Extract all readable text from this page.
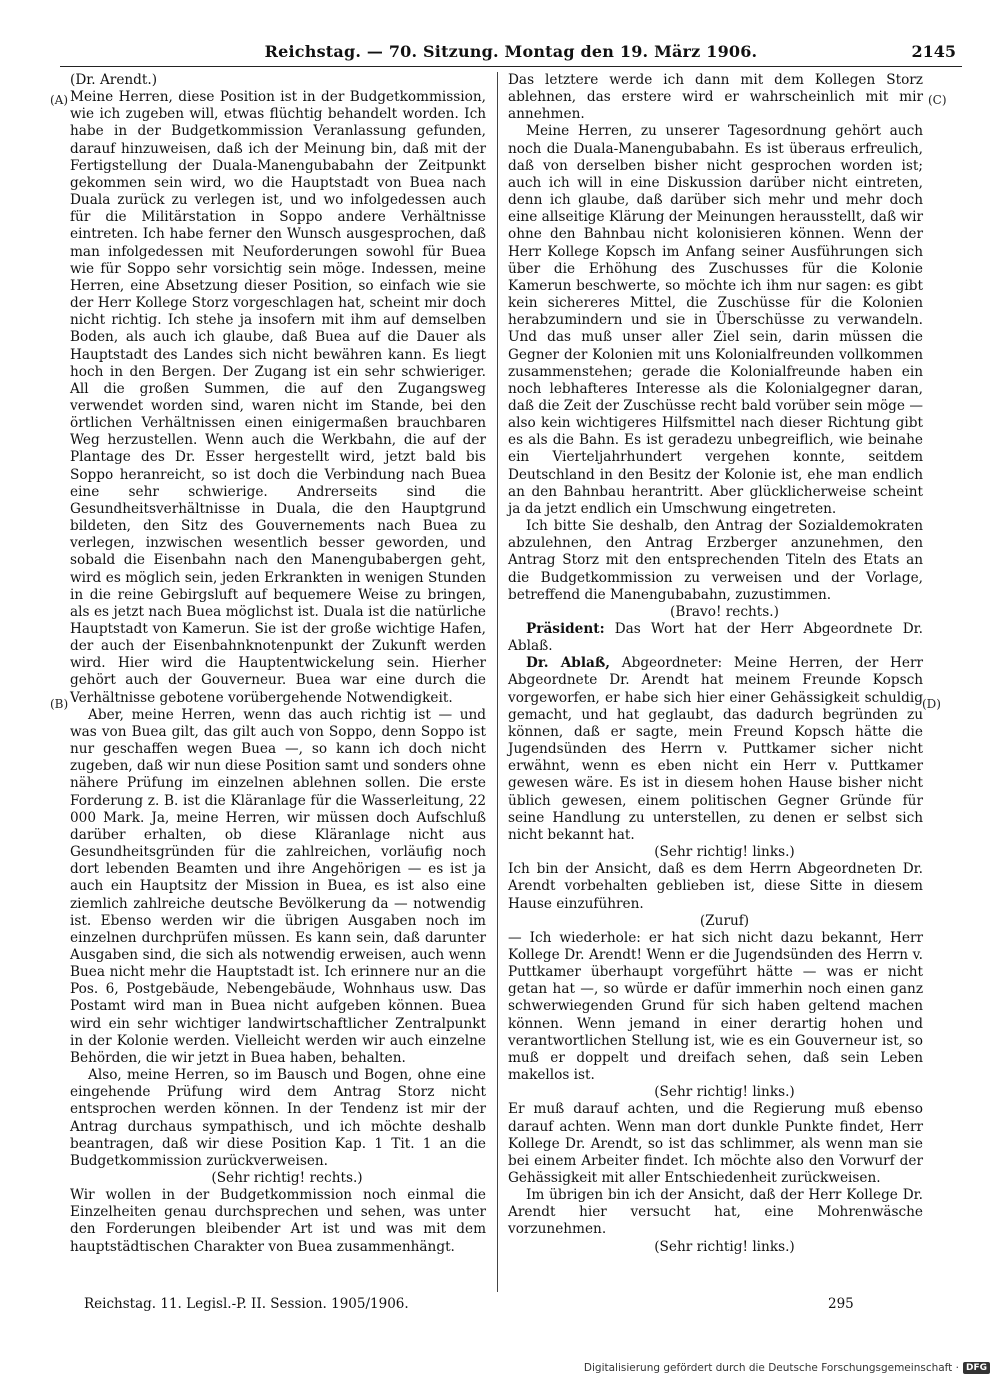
Reichstag. — 70. Sitzung. Montag den 19. März 1906.	2145
(A)
(B)
(C)
(D)

(Dr. Arendt.)

Meine Herren, diese Position ist in der Budgetkommission, wie ich zugeben will, etwas flüchtig behandelt worden. Ich habe in der Budgetkommission Veranlassung gefunden, darauf hinzuweisen, daß ich der Meinung bin, daß mit der Fertigstellung der Duala-Manengubabahn der Zeitpunkt gekommen sein wird, wo die Hauptstadt von Buea nach Duala zurück zu verlegen ist, und wo infolgedessen auch für die Militärstation in Soppo andere Verhältnisse eintreten. Ich habe ferner den Wunsch ausgesprochen, daß man infolgedessen mit Neuforderungen sowohl für Buea wie für Soppo sehr vorsichtig sein möge. Indessen, meine Herren, eine Absetzung dieser Position, so einfach wie sie der Herr Kollege Storz vorgeschlagen hat, scheint mir doch nicht richtig. Ich stehe ja insofern mit ihm auf demselben Boden, als auch ich glaube, daß Buea auf die Dauer als Hauptstadt des Landes sich nicht bewähren kann. Es liegt hoch in den Bergen. Der Zugang ist ein sehr schwieriger. All die großen Summen, die auf den Zugangsweg verwendet worden sind, waren nicht im Stande, bei den örtlichen Verhältnissen einen einigermaßen brauchbaren Weg herzustellen. Wenn auch die Werkbahn, die auf der Plantage des Dr. Esser hergestellt wird, jetzt bald bis Soppo heranreicht, so ist doch die Verbindung nach Buea eine sehr schwierige. Andrerseits sind die Gesundheitsverhältnisse in Duala, die den Hauptgrund bildeten, den Sitz des Gouvernements nach Buea zu verlegen, inzwischen wesentlich besser geworden, und sobald die Eisenbahn nach den Manengubabergen geht, wird es möglich sein, jeden Erkrankten in wenigen Stunden in die reine Gebirgsluft auf bequemere Weise zu bringen, als es jetzt nach Buea möglichst ist. Duala ist die natürliche Hauptstadt von Kamerun. Sie ist der große wichtige Hafen, der auch der Eisenbahnknotenpunkt der Zukunft werden wird. Hier wird die Hauptentwickelung sein. Hierher gehört auch der Gouverneur. Buea war eine durch die Verhältnisse gebotene vorübergehende Notwendigkeit.

Aber, meine Herren, wenn das auch richtig ist — und was von Buea gilt, das gilt auch von Soppo, denn Soppo ist nur geschaffen wegen Buea —, so kann ich doch nicht zugeben, daß wir nun diese Position samt und sonders ohne nähere Prüfung im einzelnen ablehnen sollen. Die erste Forderung z. B. ist die Kläranlage für die Wasserleitung, 22 000 Mark. Ja, meine Herren, wir müssen doch Aufschluß darüber erhalten, ob diese Kläranlage nicht aus Gesundheitsgründen für die zahlreichen, vorläufig noch dort lebenden Beamten und ihre Angehörigen — es ist ja auch ein Hauptsitz der Mission in Buea, es ist also eine ziemlich zahlreiche deutsche Bevölkerung da — notwendig ist. Ebenso werden wir die übrigen Ausgaben noch im einzelnen durchprüfen müssen. Es kann sein, daß darunter Ausgaben sind, die sich als notwendig erweisen, auch wenn Buea nicht mehr die Hauptstadt ist. Ich erinnere nur an die Pos. 6, Postgebäude, Nebengebäude, Wohnhaus usw. Das Postamt wird man in Buea nicht aufgeben können. Buea wird ein sehr wichtiger landwirtschaftlicher Zentralpunkt in der Kolonie werden. Vielleicht werden wir auch einzelne Behörden, die wir jetzt in Buea haben, behalten.

Also, meine Herren, so im Bausch und Bogen, ohne eine eingehende Prüfung wird dem Antrag Storz nicht entsprochen werden können. In der Tendenz ist mir der Antrag durchaus sympathisch, und ich möchte deshalb beantragen, daß wir diese Position Kap. 1 Tit. 1 an die Budgetkommission zurückverweisen.

(Sehr richtig! rechts.)

Wir wollen in der Budgetkommission noch einmal die Einzelheiten genau durchsprechen und sehen, was unter den Forderungen bleibender Art ist und was mit dem hauptstädtischen Charakter von Buea zusammenhängt.

Das letztere werde ich dann mit dem Kollegen Storz ablehnen, das erstere wird er wahrscheinlich mit mir annehmen.

Meine Herren, zu unserer Tagesordnung gehört auch noch die Duala-Manengubabahn. Es ist überaus erfreulich, daß von derselben bisher nicht gesprochen worden ist; auch ich will in eine Diskussion darüber nicht eintreten, denn ich glaube, daß darüber sich mehr und mehr doch eine allseitige Klärung der Meinungen herausstellt, daß wir ohne den Bahnbau nicht kolonisieren können. Wenn der Herr Kollege Kopsch im Anfang seiner Ausführungen sich über die Erhöhung des Zuschusses für die Kolonie Kamerun beschwerte, so möchte ich ihm nur sagen: es gibt kein sichereres Mittel, die Zuschüsse für die Kolonien herabzumindern und sie in Überschüsse zu verwandeln. Und das muß unser aller Ziel sein, darin müssen die Gegner der Kolonien mit uns Kolonialfreunden vollkommen zusammenstehen; gerade die Kolonialfreunde haben ein noch lebhafteres Interesse als die Kolonialgegner daran, daß die Zeit der Zuschüsse recht bald vorüber sein möge — also kein wichtigeres Hilfsmittel nach dieser Richtung gibt es als die Bahn. Es ist geradezu unbegreiflich, wie beinahe ein Vierteljahrhundert vergehen konnte, seitdem Deutschland in den Besitz der Kolonie ist, ehe man endlich an den Bahnbau herantritt. Aber glücklicherweise scheint ja da jetzt endlich ein Umschwung eingetreten.

Ich bitte Sie deshalb, den Antrag der Sozialdemokraten abzulehnen, den Antrag Erzberger anzunehmen, den Antrag Storz mit den entsprechenden Titeln des Etats an die Budgetkommission zu verweisen und der Vorlage, betreffend die Manengubabahn, zuzustimmen.

(Bravo! rechts.)

Präsident: Das Wort hat der Herr Abgeordnete Dr. Ablaß.

Dr. Ablaß, Abgeordneter: Meine Herren, der Herr Abgeordnete Dr. Arendt hat meinem Freunde Kopsch vorgeworfen, er habe sich hier einer Gehässigkeit schuldig gemacht, und hat geglaubt, das dadurch begründen zu können, daß er sagte, mein Freund Kopsch hätte die Jugendsünden des Herrn v. Puttkamer sicher nicht erwähnt, wenn es eben nicht ein Herr v. Puttkamer gewesen wäre. Es ist in diesem hohen Hause bisher nicht üblich gewesen, einem politischen Gegner Gründe für seine Handlung zu unterstellen, zu denen er selbst sich nicht bekannt hat.

(Sehr richtig! links.)

Ich bin der Ansicht, daß es dem Herrn Abgeordneten Dr. Arendt vorbehalten geblieben ist, diese Sitte in diesem Hause einzuführen.

(Zuruf)

— Ich wiederhole: er hat sich nicht dazu bekannt, Herr Kollege Dr. Arendt! Wenn er die Jugendsünden des Herrn v. Puttkamer überhaupt vorgeführt hätte — was er nicht getan hat —, so würde er dafür immerhin noch einen ganz schwerwiegenden Grund für sich haben geltend machen können. Wenn jemand in einer derartig hohen und verantwortlichen Stellung ist, wie es ein Gouverneur ist, so muß er doppelt und dreifach sehen, daß sein Leben makellos ist.

(Sehr richtig! links.)

Er muß darauf achten, und die Regierung muß ebenso darauf achten. Wenn man dort dunkle Punkte findet, Herr Kollege Dr. Arendt, so ist das schlimmer, als wenn man sie bei einem Arbeiter findet. Ich möchte also den Vorwurf der Gehässigkeit mit aller Entschiedenheit zurückweisen.

Im übrigen bin ich der Ansicht, daß der Herr Kollege Dr. Arendt hier versucht hat, eine Mohrenwäsche vorzunehmen.

(Sehr richtig! links.)

Reichstag. 11. Legisl.-P. II. Session. 1905/1906.	295
Digitalisierung gefördert durch die Deutsche Forschungsgemeinschaft · DFG
